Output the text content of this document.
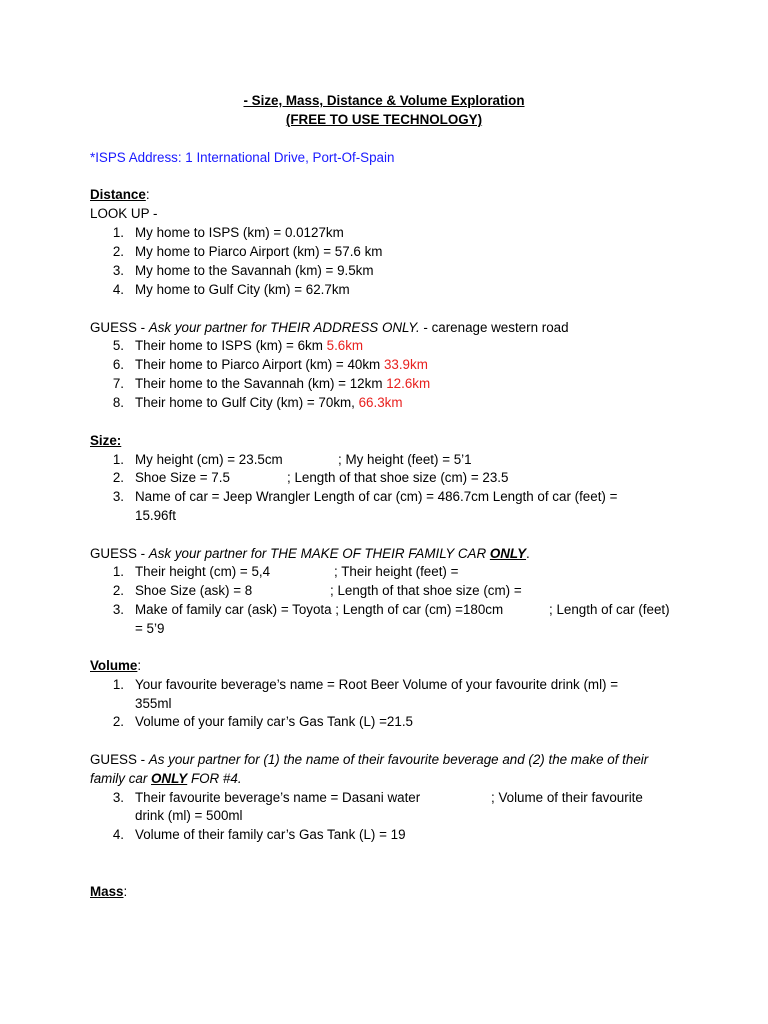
- Size, Mass, Distance & Volume Exploration
(FREE TO USE TECHNOLOGY)
*ISPS Address: 1 International Drive, Port-Of-Spain
Distance:
LOOK UP -
1. My home to ISPS (km) = 0.0127km
2. My home to Piarco Airport (km) = 57.6 km
3. My home to the Savannah (km) = 9.5km
4. My home to Gulf City (km) = 62.7km
GUESS - Ask your partner for THEIR ADDRESS ONLY. - carenage western road
5. Their home to ISPS (km) = 6km 5.6km
6. Their home to Piarco Airport (km) = 40km 33.9km
7. Their home to the Savannah (km) = 12km 12.6km
8. Their home to Gulf City (km) = 70km, 66.3km
Size:
1. My height (cm) = 23.5cm	; My height (feet) = 5’1
2. Shoe Size = 7.5	; Length of that shoe size (cm) = 23.5
3. Name of car = Jeep Wrangler Length of car (cm) = 486.7cm Length of car (feet) =
15.96ft
GUESS - Ask your partner for THE MAKE OF THEIR FAMILY CAR ONLY.
1. Their height (cm) = 5,4	; Their height (feet) =
2. Shoe Size (ask) = 8	; Length of that shoe size (cm) =
3. Make of family car (ask) = Toyota ; Length of car (cm) =180cm	; Length of car (feet)
= 5’9
Volume:
1. Your favourite beverage’s name = Root Beer Volume of your favourite drink (ml) =
355ml
2. Volume of your family car’s Gas Tank (L) =21.5
GUESS - As your partner for (1) the name of their favourite beverage and (2) the make of their
family car ONLY FOR #4.
3. Their favourite beverage’s name = Dasani water	; Volume of their favourite
drink (ml) = 500ml
4. Volume of their family car’s Gas Tank (L) = 19
Mass:
